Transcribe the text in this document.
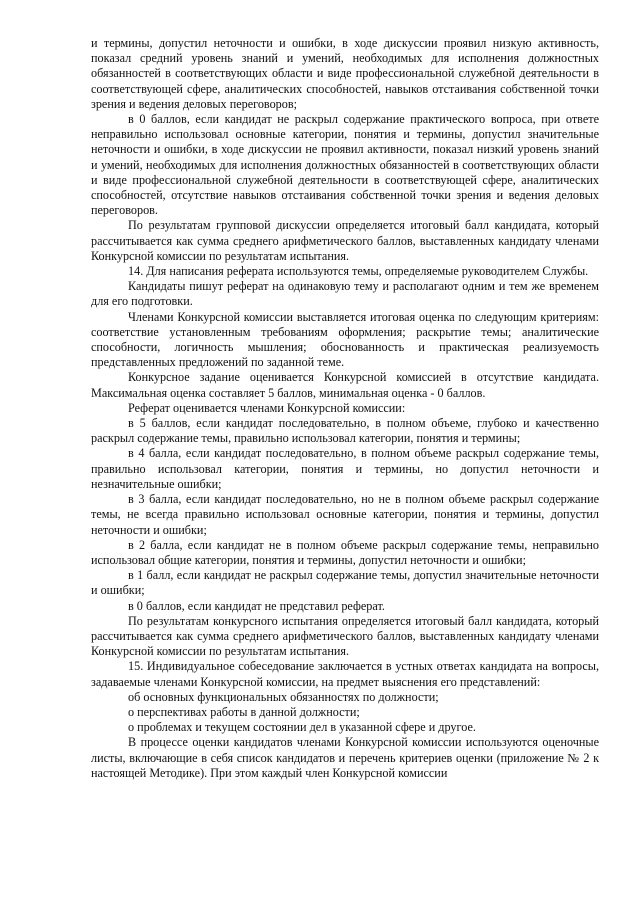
и термины, допустил неточности и ошибки, в ходе дискуссии проявил низкую активность, показал средний уровень знаний и умений, необходимых для исполнения должностных обязанностей в соответствующих области и виде профессиональной служебной деятельности в соответствующей сфере, аналитических способностей, навыков отстаивания собственной точки зрения и ведения деловых переговоров;

в 0 баллов, если кандидат не раскрыл содержание практического вопроса, при ответе неправильно использовал основные категории, понятия и термины, допустил значительные неточности и ошибки, в ходе дискуссии не проявил активности, показал низкий уровень знаний и умений, необходимых для исполнения должностных обязанностей в соответствующих области и виде профессиональной служебной деятельности в соответствующей сфере, аналитических способностей, отсутствие навыков отстаивания собственной точки зрения и ведения деловых переговоров.

По результатам групповой дискуссии определяется итоговый балл кандидата, который рассчитывается как сумма среднего арифметического баллов, выставленных кандидату членами Конкурсной комиссии по результатам испытания.

14. Для написания реферата используются темы, определяемые руководителем Службы.

Кандидаты пишут реферат на одинаковую тему и располагают одним и тем же временем для его подготовки.

Членами Конкурсной комиссии выставляется итоговая оценка по следующим критериям: соответствие установленным требованиям оформления; раскрытие темы; аналитические способности, логичность мышления; обоснованность и практическая реализуемость представленных предложений по заданной теме.

Конкурсное задание оценивается Конкурсной комиссией в отсутствие кандидата. Максимальная оценка составляет 5 баллов, минимальная оценка - 0 баллов.

Реферат оценивается членами Конкурсной комиссии:

в 5 баллов, если кандидат последовательно, в полном объеме, глубоко и качественно раскрыл содержание темы, правильно использовал категории, понятия и термины;

в 4 балла, если кандидат последовательно, в полном объеме раскрыл содержание темы, правильно использовал категории, понятия и термины, но допустил неточности и незначительные ошибки;

в 3 балла, если кандидат последовательно, но не в полном объеме раскрыл содержание темы, не всегда правильно использовал основные категории, понятия и термины, допустил неточности и ошибки;

в 2 балла, если кандидат не в полном объеме раскрыл содержание темы, неправильно использовал общие категории, понятия и термины, допустил неточности и ошибки;

в 1 балл, если кандидат не раскрыл содержание темы, допустил значительные неточности и ошибки;

в 0 баллов, если кандидат не представил реферат.

По результатам конкурсного испытания определяется итоговый балл кандидата, который рассчитывается как сумма среднего арифметического баллов, выставленных кандидату членами Конкурсной комиссии по результатам испытания.

15. Индивидуальное собеседование заключается в устных ответах кандидата на вопросы, задаваемые членами Конкурсной комиссии, на предмет выяснения его представлений:

об основных функциональных обязанностях по должности;

о перспективах работы в данной должности;

о проблемах и текущем состоянии дел в указанной сфере и другое.

В процессе оценки кандидатов членами Конкурсной комиссии используются оценочные листы, включающие в себя список кандидатов и перечень критериев оценки (приложение № 2 к настоящей Методике). При этом каждый член Конкурсной комиссии
